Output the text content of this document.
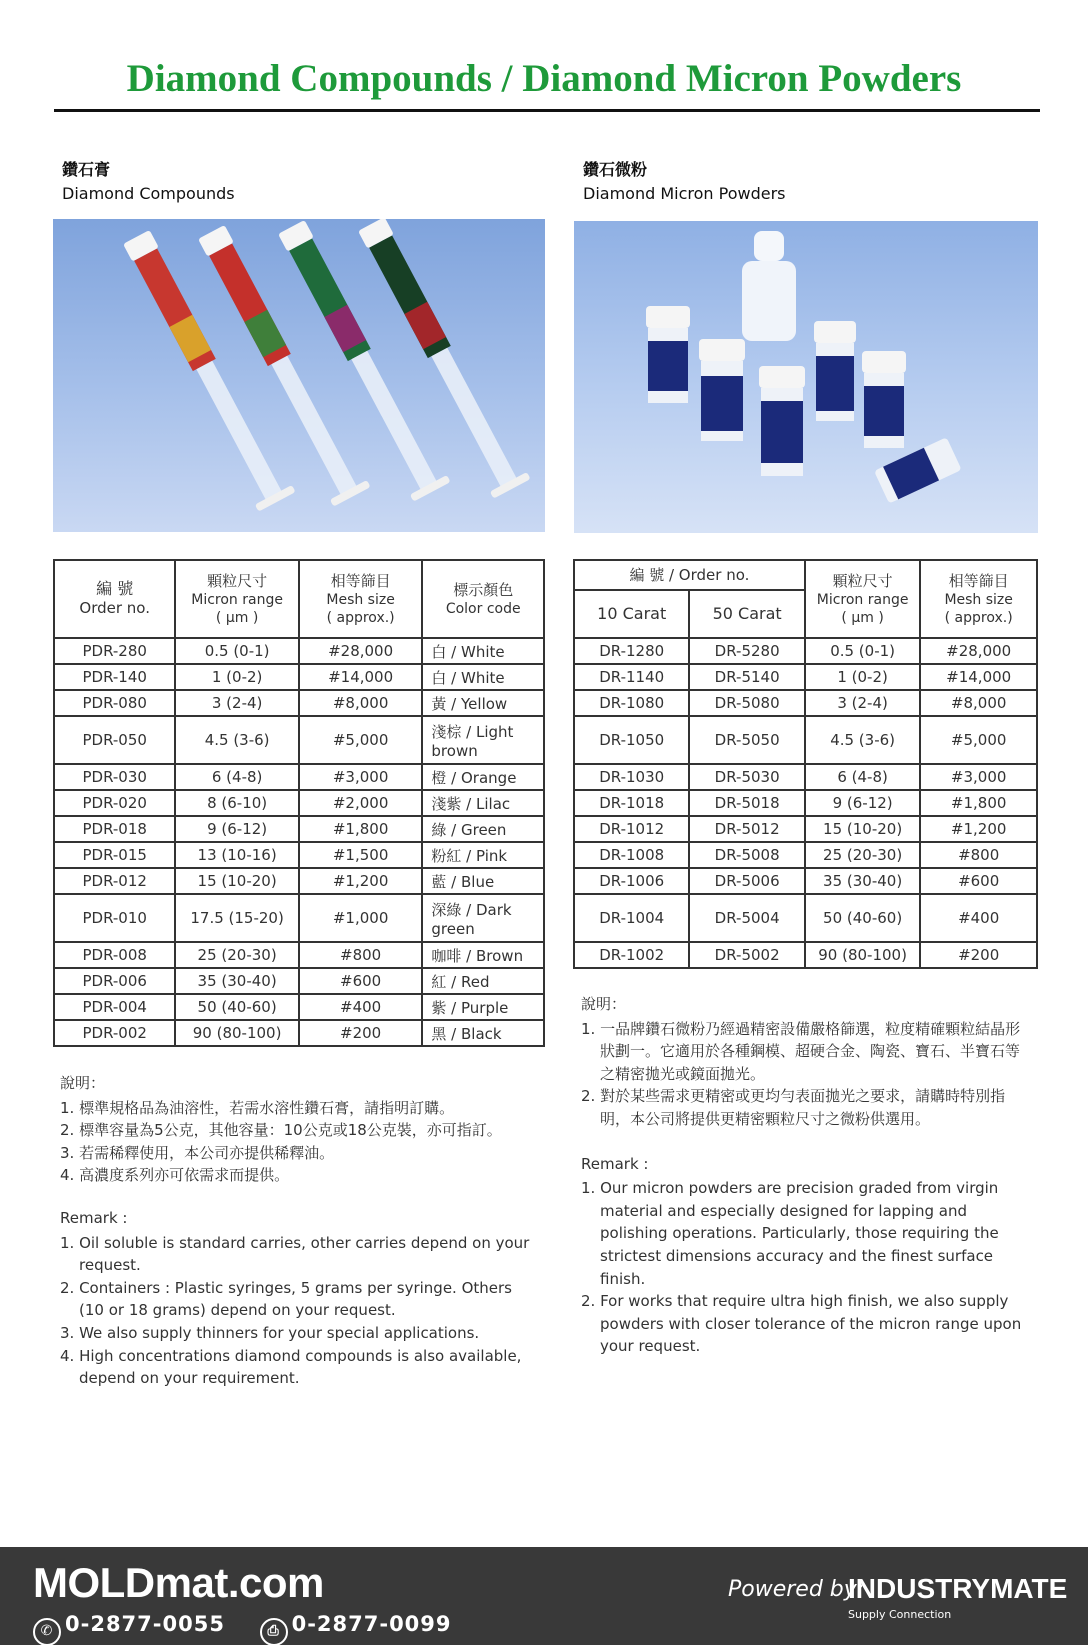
Diamond Compounds / Diamond Micron Powders
鑽石膏
Diamond Compounds
編 號
Order no.	顆粒尺寸
Micron range
( μm )	相等篩目
Mesh size
( approx.)	標示顏色
Color code
PDR-280	0.5 (0-1)	#28,000	白 / White
PDR-140	1 (0-2)	#14,000	白 / White
PDR-080	3 (2-4)	#8,000	黃 / Yellow
PDR-050	4.5 (3-6)	#5,000	淺棕 / Light brown
PDR-030	6 (4-8)	#3,000	橙 / Orange
PDR-020	8 (6-10)	#2,000	淺紫 / Lilac
PDR-018	9 (6-12)	#1,800	綠 / Green
PDR-015	13 (10-16)	#1,500	粉紅 / Pink
PDR-012	15 (10-20)	#1,200	藍 / Blue
PDR-010	17.5 (15-20)	#1,000	深綠 / Dark green
PDR-008	25 (20-30)	#800	咖啡 / Brown
PDR-006	35 (30-40)	#600	紅 / Red
PDR-004	50 (40-60)	#400	紫 / Purple
PDR-002	90 (80-100)	#200	黑 / Black
說明：
1. 標準規格品為油溶性，若需水溶性鑽石膏，請指明訂購。
2. 標準容量為5公克，其他容量：10公克或18公克裝，亦可指訂。
3. 若需稀釋使用，本公司亦提供稀釋油。
4. 高濃度系列亦可依需求而提供。
Remark :
1. Oil soluble is standard carries, other carries depend on your request.
2. Containers : Plastic syringes, 5 grams per syringe. Others (10 or 18 grams) depend on your request.
3. We also supply thinners for your special applications.
4. High concentrations diamond compounds is also available, depend on your requirement.
鑽石微粉
Diamond Micron Powders
編 號 / Order no.		顆粒尺寸
Micron range
( μm )	相等篩目
Mesh size
( approx.)
10 Carat	50 Carat		
DR-1280	DR-5280	0.5 (0-1)	#28,000
DR-1140	DR-5140	1 (0-2)	#14,000
DR-1080	DR-5080	3 (2-4)	#8,000
DR-1050	DR-5050	4.5 (3-6)	#5,000
DR-1030	DR-5030	6 (4-8)	#3,000
DR-1018	DR-5018	9 (6-12)	#1,800
DR-1012	DR-5012	15 (10-20)	#1,200
DR-1008	DR-5008	25 (20-30)	#800
DR-1006	DR-5006	35 (30-40)	#600
DR-1004	DR-5004	50 (40-60)	#400
DR-1002	DR-5002	90 (80-100)	#200
說明：
1. 一品牌鑽石微粉乃經過精密設備嚴格篩選，粒度精確顆粒結晶形狀劃一。它適用於各種鋼模、超硬合金、陶瓷、寶石、半寶石等之精密拋光或鏡面拋光。
2. 對於某些需求更精密或更均勻表面拋光之要求，請購時特別指明，本公司將提供更精密顆粒尺寸之微粉供選用。
Remark :
1. Our micron powders are precision graded from virgin material and especially designed for lapping and polishing operations. Particularly, those requiring the strictest dimensions accuracy and the finest surface finish.
2. For works that require ultra high finish, we also supply powders with closer tolerance of the micron range upon your request.
MOLDmat.com
✆ 0-2877-0055	⎙ 0-2877-0099
Powered by:
INDUSTRYMATE
Supply Connection
